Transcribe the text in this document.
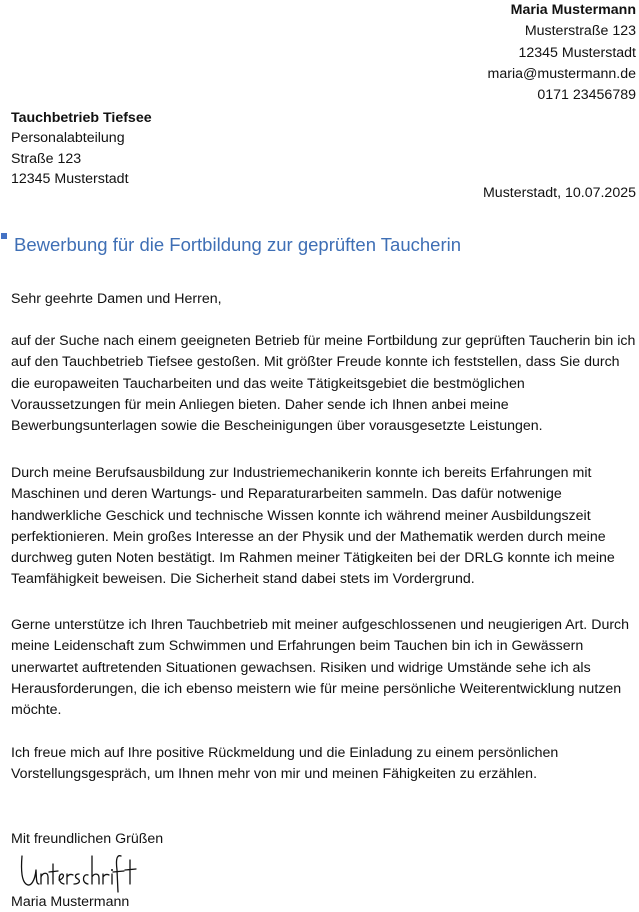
Maria Mustermann
Musterstraße 123
12345 Musterstadt
maria@mustermann.de
0171 23456789
Tauchbetrieb Tiefsee
Personalabteilung
Straße 123
12345 Musterstadt
Musterstadt, 10.07.2025
Bewerbung für die Fortbildung zur geprüften Taucherin
Sehr geehrte Damen und Herren,

auf der Suche nach einem geeigneten Betrieb für meine Fortbildung zur geprüften Taucherin bin ich auf den Tauchbetrieb Tiefsee gestoßen. Mit größter Freude konnte ich feststellen, dass Sie durch die europaweiten Taucharbeiten und das weite Tätigkeitsgebiet die bestmöglichen Voraussetzungen für mein Anliegen bieten. Daher sende ich Ihnen anbei meine Bewerbungsunterlagen sowie die Bescheinigungen über vorausgesetzte Leistungen.

Durch meine Berufsausbildung zur Industriemechanikerin konnte ich bereits Erfahrungen mit Maschinen und deren Wartungs- und Reparaturarbeiten sammeln. Das dafür notwenige handwerkliche Geschick und technische Wissen konnte ich während meiner Ausbildungszeit perfektionieren. Mein großes Interesse an der Physik und der Mathematik werden durch meine durchweg guten Noten bestätigt. Im Rahmen meiner Tätigkeiten bei der DRLG konnte ich meine Teamfähigkeit beweisen. Die Sicherheit stand dabei stets im Vordergrund.

Gerne unterstütze ich Ihren Tauchbetrieb mit meiner aufgeschlossenen und neugierigen Art. Durch meine Leidenschaft zum Schwimmen und Erfahrungen beim Tauchen bin ich in Gewässern unerwartet auftretenden Situationen gewachsen. Risiken und widrige Umstände sehe ich als Herausforderungen, die ich ebenso meistern wie für meine persönliche Weiterentwicklung nutzen möchte.

Ich freue mich auf Ihre positive Rückmeldung und die Einladung zu einem persönlichen Vorstellungsgespräch, um Ihnen mehr von mir und meinen Fähigkeiten zu erzählen.

Mit freundlichen Grüßen
Maria Mustermann
